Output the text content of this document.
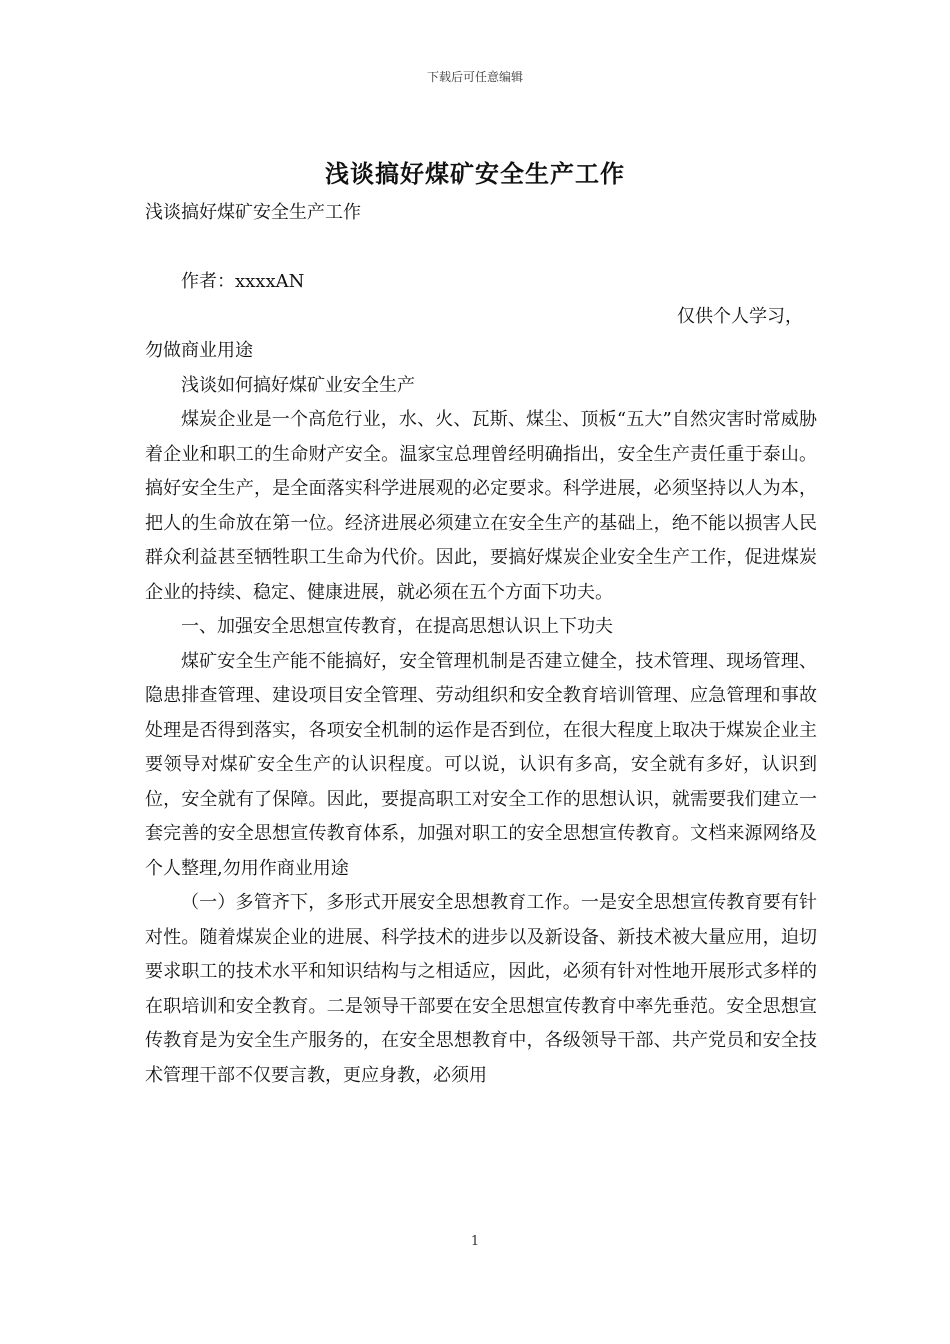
下载后可任意编辑
浅谈搞好煤矿安全生产工作

浅谈搞好煤矿安全生产工作

作者：xxxxAN

仅供个人学习，

勿做商业用途

浅谈如何搞好煤矿业安全生产

煤炭企业是一个高危行业，水、火、瓦斯、煤尘、顶板“五大”自然灾害时常威胁着企业和职工的生命财产安全。温家宝总理曾经明确指出，安全生产责任重于泰山。搞好安全生产，是全面落实科学进展观的必定要求。科学进展，必须坚持以人为本，把人的生命放在第一位。经济进展必须建立在安全生产的基础上，绝不能以损害人民群众利益甚至牺牲职工生命为代价。因此，要搞好煤炭企业安全生产工作，促进煤炭企业的持续、稳定、健康进展，就必须在五个方面下功夫。

一、加强安全思想宣传教育，在提高思想认识上下功夫

煤矿安全生产能不能搞好，安全管理机制是否建立健全，技术管理、现场管理、隐患排查管理、建设项目安全管理、劳动组织和安全教育培训管理、应急管理和事故处理是否得到落实，各项安全机制的运作是否到位，在很大程度上取决于煤炭企业主要领导对煤矿安全生产的认识程度。可以说，认识有多高，安全就有多好，认识到位，安全就有了保障。因此，要提高职工对安全工作的思想认识，就需要我们建立一套完善的安全思想宣传教育体系，加强对职工的安全思想宣传教育。文档来源网络及个人整理,勿用作商业用途

（一）多管齐下，多形式开展安全思想教育工作。一是安全思想宣传教育要有针对性。随着煤炭企业的进展、科学技术的进步以及新设备、新技术被大量应用，迫切要求职工的技术水平和知识结构与之相适应，因此，必须有针对性地开展形式多样的在职培训和安全教育。二是领导干部要在安全思想宣传教育中率先垂范。安全思想宣传教育是为安全生产服务的，在安全思想教育中，各级领导干部、共产党员和安全技术管理干部不仅要言教，更应身教，必须用

1
